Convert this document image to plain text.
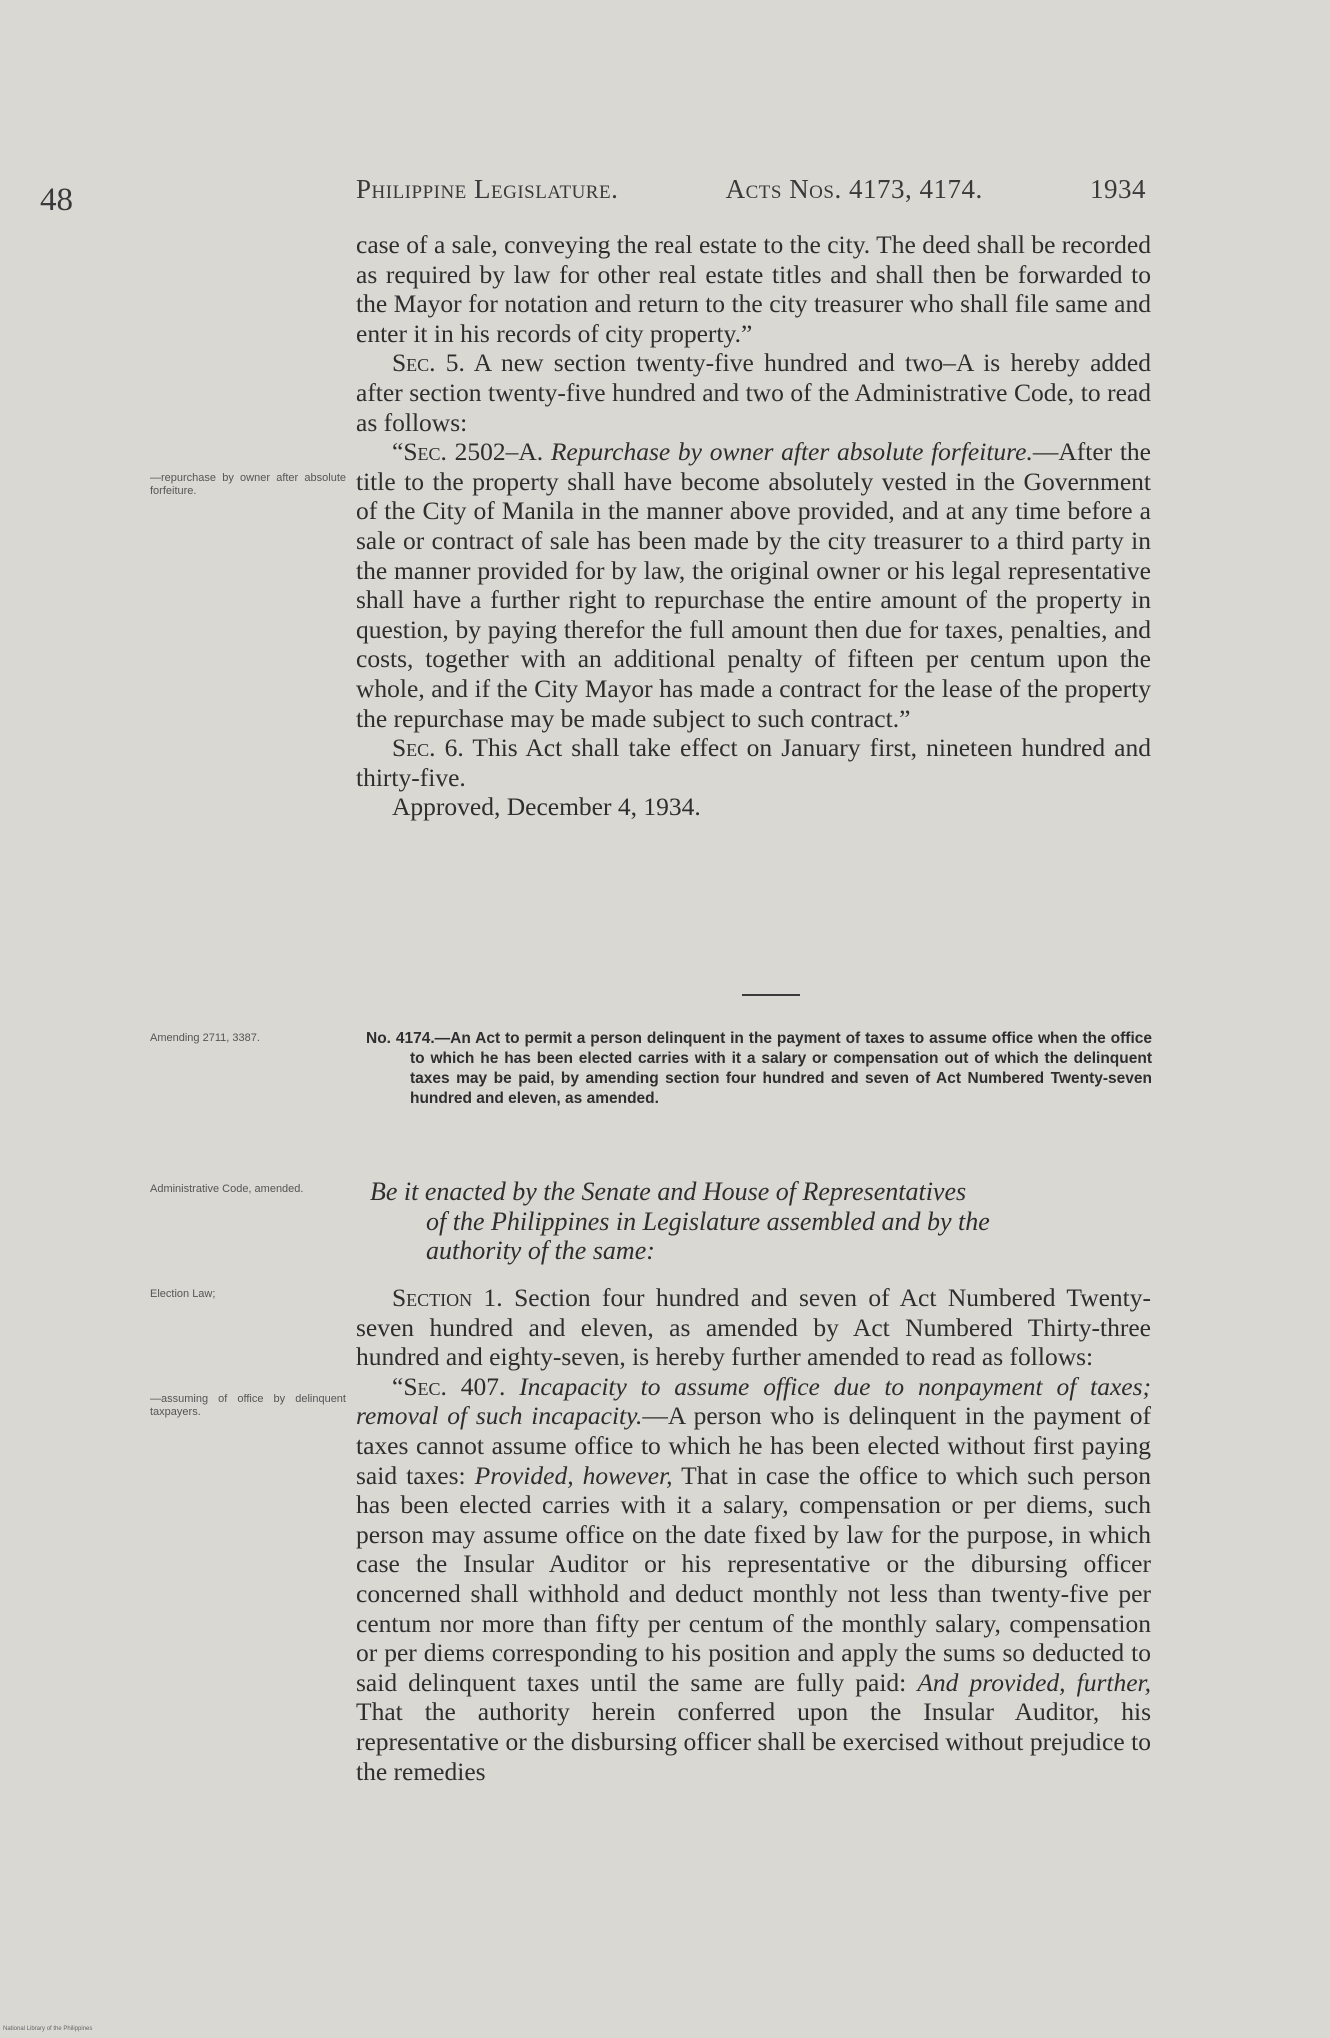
48	Philippine Legislature.	Acts Nos. 4173, 4174.	1934

case of a sale, conveying the real estate to the city. The deed shall be recorded as required by law for other real estate titles and shall then be forwarded to the Mayor for notation and return to the city treasurer who shall file same and enter it in his records of city property.”

Sec. 5. A new section twenty-five hundred and two–A is hereby added after section twenty-five hundred and two of the Administrative Code, to read as follows:

“Sec. 2502–A. Repurchase by owner after absolute forfeiture.—After the title to the property shall have become absolutely vested in the Government of the City of Manila in the manner above provided, and at any time before a sale or contract of sale has been made by the city treasurer to a third party in the manner provided for by law, the original owner or his legal representative shall have a further right to repurchase the entire amount of the property in question, by paying therefor the full amount then due for taxes, penalties, and costs, together with an additional penalty of fifteen per centum upon the whole, and if the City Mayor has made a contract for the lease of the property the repurchase may be made subject to such contract.”

Sec. 6. This Act shall take effect on January first, nineteen hundred and thirty-five.

Approved, December 4, 1934.

—repurchase by owner after absolute forfeiture.
Amending 2711, 3387.	No. 4174.—An Act to permit a person delinquent in the payment of taxes to assume office when the office to which he has been elected carries with it a salary or compensation out of which the delinquent taxes may be paid, by amending section four hundred and seven of Act Numbered Twenty-seven hundred and eleven, as amended.
Administrative Code, amended.	Be it enacted by the Senate and House of Representatives
of the Philippines in Legislature assembled and by the
authority of the same:
Election Law;
—assuming of office by delinquent taxpayers.

Section 1. Section four hundred and seven of Act Numbered Twenty-seven hundred and eleven, as amended by Act Numbered Thirty-three hundred and eighty-seven, is hereby further amended to read as follows:

“Sec. 407. Incapacity to assume office due to nonpayment of taxes; removal of such incapacity.—A person who is delinquent in the payment of taxes cannot assume office to which he has been elected without first paying said taxes: Provided, however, That in case the office to which such person has been elected carries with it a salary, compensation or per diems, such person may assume office on the date fixed by law for the purpose, in which case the Insular Auditor or his representative or the dibursing officer concerned shall withhold and deduct monthly not less than twenty-five per centum nor more than fifty per centum of the monthly salary, compensation or per diems corresponding to his position and apply the sums so deducted to said delinquent taxes until the same are fully paid: And provided, further, That the authority herein conferred upon the Insular Auditor, his representative or the disbursing officer shall be exercised without prejudice to the remedies

National Library of the Philippines
